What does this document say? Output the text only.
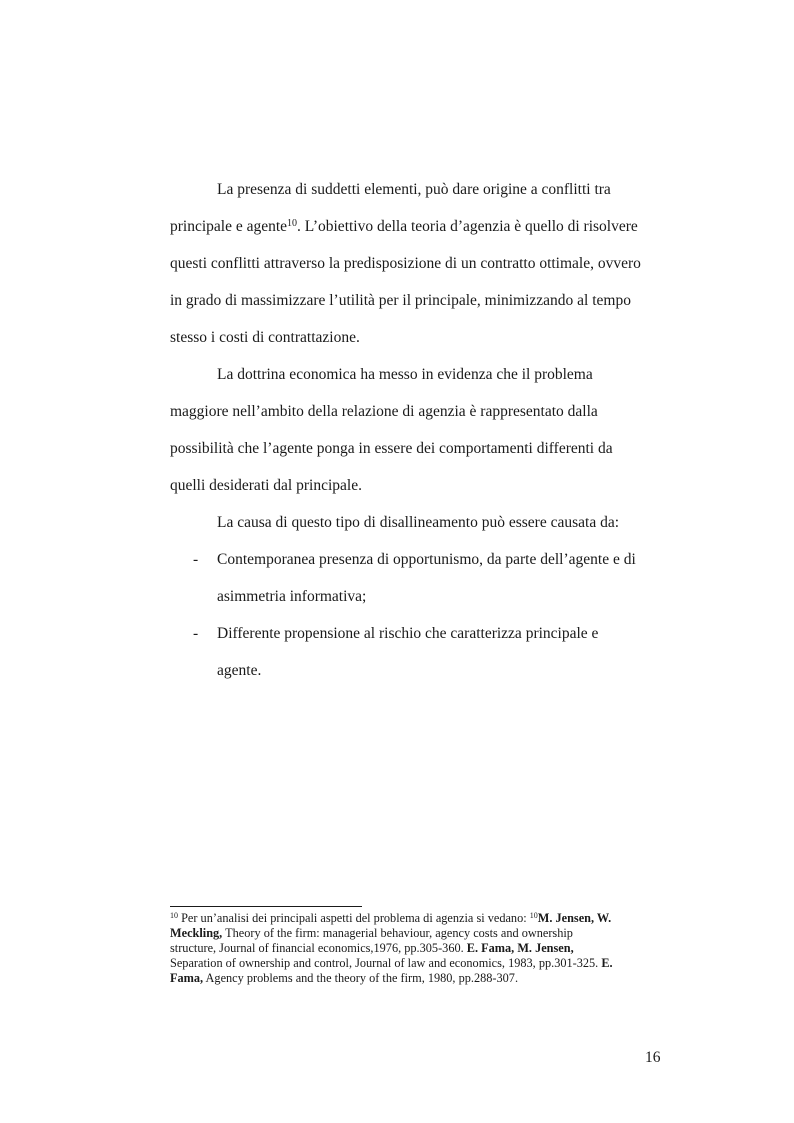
La presenza di suddetti elementi, può dare origine a conflitti tra
principale e agente$^{10}$. L’obiettivo della teoria d’agenzia è quello di risolvere
questi conflitti attraverso la predisposizione di un contratto ottimale, ovvero
in grado di massimizzare l’utilità per il principale, minimizzando al tempo
stesso i costi di contrattazione.
La dottrina economica ha messo in evidenza che il problema
maggiore nell’ambito della relazione di agenzia è rappresentato dalla
possibilità che l’agente ponga in essere dei comportamenti differenti da
quelli desiderati dal principale.
La causa di questo tipo di disallineamento può essere causata da:
- Contemporanea presenza di opportunismo, da parte dell’agente e di
asimmetria informativa;
- Differente propensione al rischio che caratterizza principale e
agente.
$^{10}$ Per un’analisi dei principali aspetti del problema di agenzia si vedano: $^{10}$M. Jensen, W.
Meckling, Theory of the firm: managerial behaviour, agency costs and ownership
structure, Journal of financial economics,1976, pp.305-360. E. Fama, M. Jensen,
Separation of ownership and control, Journal of law and economics, 1983, pp.301-325. E.
Fama, Agency problems and the theory of the firm, 1980, pp.288-307.
16
